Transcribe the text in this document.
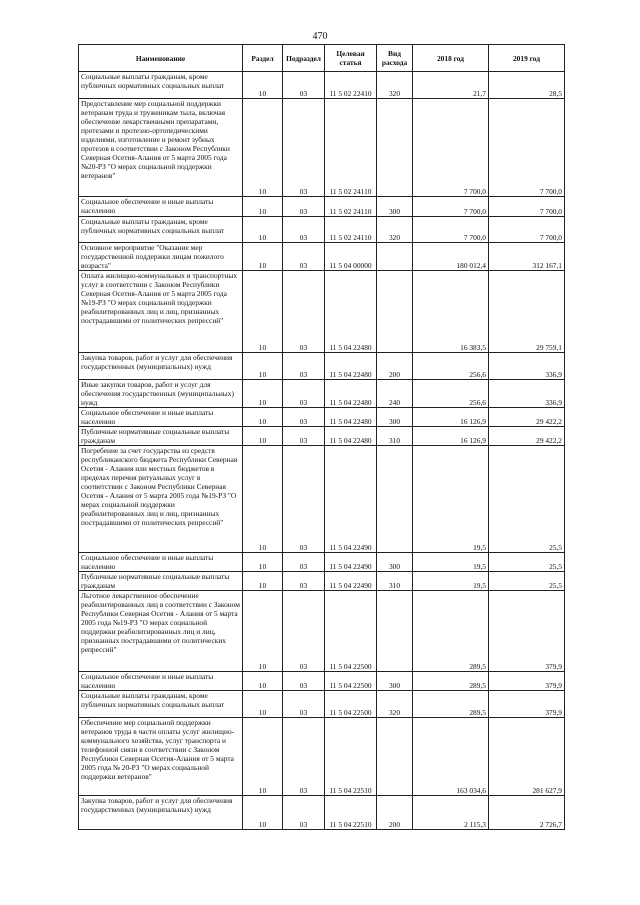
470
Наименование	Раздел	Подраздел	Целевая статья	Вид расхода	2018 год	2019 год
Социальные выплаты гражданам, кроме публичных нормативных социальных выплат	10	03	11 5 02 22410	320	21,7	28,5
Предоставление мер социальной поддержки ветеранам труда и труженикам тыла, включая обеспечение лекарственными препаратами, протезами и протезно-ортопедическими изделиями, изготовление и ремонт зубных протезов в соответствии с Законом Республики Северная Осетия-Алания от 5 марта 2005 года №20-РЗ "О мерах социальной поддержки ветеранов"	10	03	11 5 02 24110		7 700,0	7 700,0
Социальное обеспечение и иные выплаты населению	10	03	11 5 02 24110	300	7 700,0	7 700,0
Социальные выплаты гражданам, кроме публичных нормативных социальных выплат	10	03	11 5 02 24110	320	7 700,0	7 700,0
Основное мероприятие "Оказание мер государственной поддержки лицам пожилого возраста"	10	03	11 5 04 00000		180 012,4	312 167,1
Оплата жилищно-коммунальных и транспортных услуг в соответствии с Законом Республики Северная Осетия-Алания от 5 марта 2005 года №19-РЗ "О мерах социальной поддержки реабилитированных лиц и лиц, признанных пострадавшими от политических репрессий"	10	03	11 5 04 22480		16 383,5	29 759,1
Закупка товаров, работ и услуг для обеспечения государственных (муниципальных) нужд	10	03	11 5 04 22480	200	256,6	336,9
Иные закупки товаров, работ и услуг для обеспечения государственных (муниципальных) нужд	10	03	11 5 04 22480	240	256,6	336,9
Социальное обеспечение и иные выплаты населению	10	03	11 5 04 22480	300	16 126,9	29 422,2
Публичные нормативные социальные выплаты гражданам	10	03	11 5 04 22480	310	16 126,9	29 422,2
Погребение за счет государства из средств республиканского бюджета Республики Северная Осетия - Алания или местных бюджетов в пределах перечня ритуальных услуг в соответствии с Законом Республики Северная Осетия - Алания от 5 марта 2005 года №19-РЗ "О мерах социальной поддержки реабилитированных лиц и лиц, признанных пострадавшими от политических репрессий"	10	03	11 5 04 22490		19,5	25,5
Социальное обеспечение и иные выплаты населению	10	03	11 5 04 22490	300	19,5	25,5
Публичные нормативные социальные выплаты гражданам	10	03	11 5 04 22490	310	19,5	25,5
Льготное лекарственное обеспечение реабилитированных лиц в соответствии с Законом Республики Северная Осетия - Алания от 5 марта 2005 года №19-РЗ "О мерах социальной поддержки реабилитированных лиц и лиц, признанных пострадавшими от политических репрессий"	10	03	11 5 04 22500		289,5	379,9
Социальное обеспечение и иные выплаты населению	10	03	11 5 04 22500	300	289,5	379,9
Социальные выплаты гражданам, кроме публичных нормативных социальных выплат	10	03	11 5 04 22500	320	289,5	379,9
Обеспечение мер социальной поддержки ветеранов труда в части оплаты услуг жилищно-коммунального хозяйства, услуг транспорта и телефонной связи в соответствии с Законом Республики Северная Осетия-Алания от 5 марта 2005 года № 20-РЗ "О мерах социальной поддержки ветеранов"	10	03	11 5 04 22510		163 034,6	281 627,9
Закупка товаров, работ и услуг для обеспечения государственных (муниципальных) нужд	10	03	11 5 04 22510	200	2 115,3	2 726,7
